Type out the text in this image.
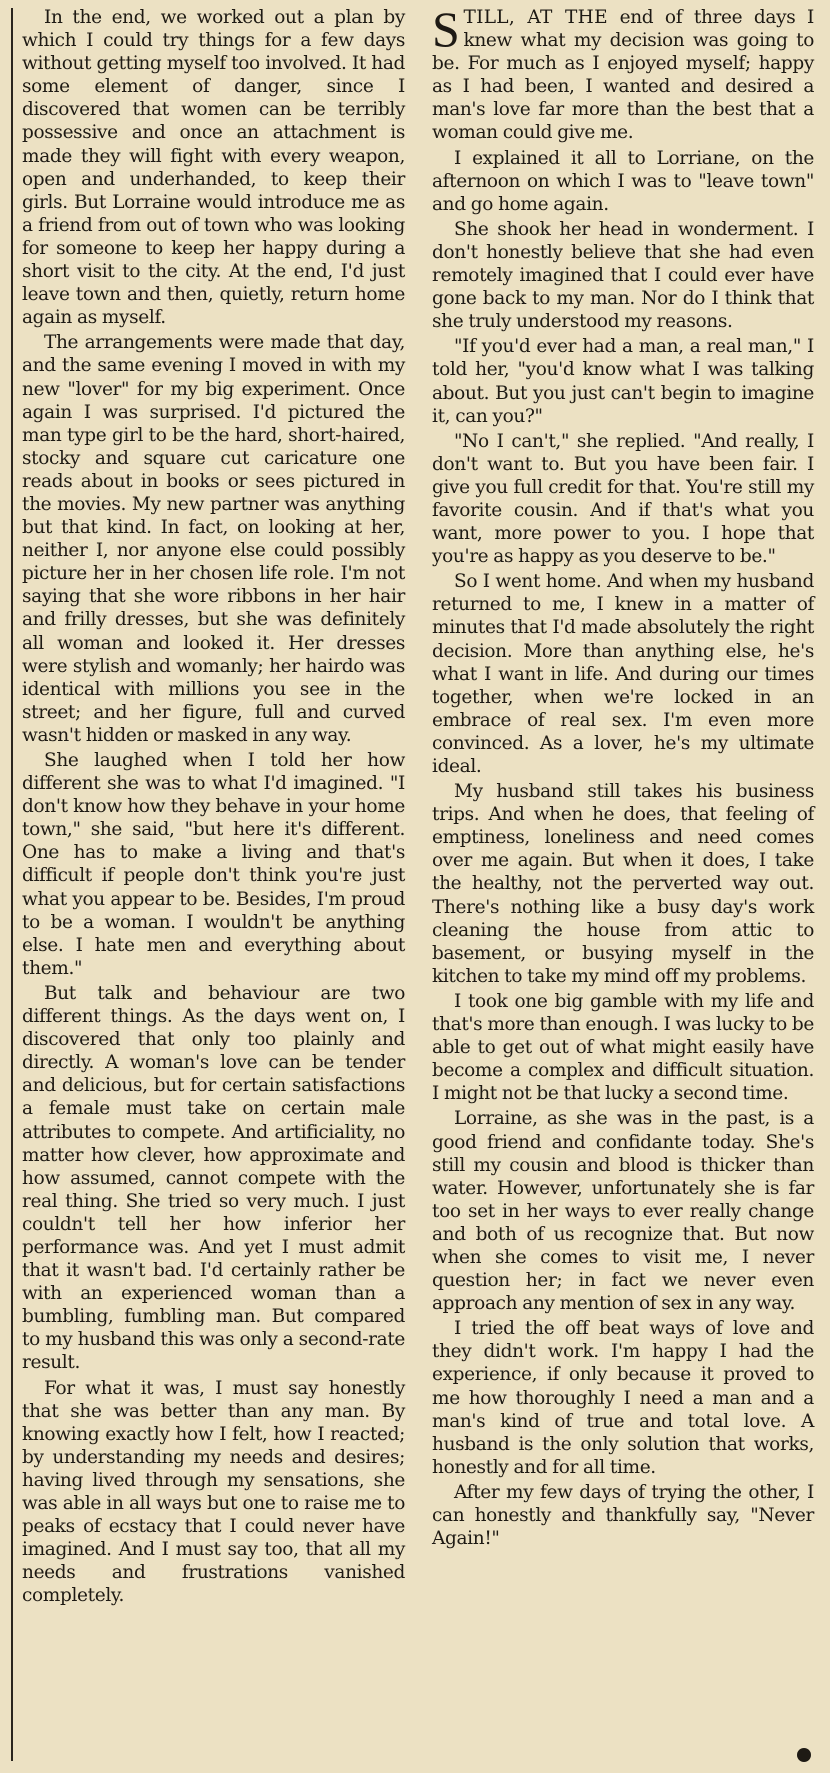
In the end, we worked out a plan by which I could try things for a few days without getting myself too involved. It had some element of danger, since I discovered that women can be terribly possessive and once an attachment is made they will fight with every weapon, open and underhanded, to keep their girls. But Lorraine would introduce me as a friend from out of town who was looking for someone to keep her happy during a short visit to the city. At the end, I'd just leave town and then, quietly, return home again as myself.

The arrangements were made that day, and the same evening I moved in with my new "lover" for my big experiment. Once again I was surprised. I'd pictured the man type girl to be the hard, short-haired, stocky and square cut caricature one reads about in books or sees pictured in the movies. My new partner was anything but that kind. In fact, on looking at her, neither I, nor anyone else could possibly picture her in her chosen life role. I'm not saying that she wore ribbons in her hair and frilly dresses, but she was definitely all woman and looked it. Her dresses were stylish and womanly; her hairdo was identical with millions you see in the street; and her figure, full and curved wasn't hidden or masked in any way.

She laughed when I told her how different she was to what I'd imagined. "I don't know how they behave in your home town," she said, "but here it's different. One has to make a living and that's difficult if people don't think you're just what you appear to be. Besides, I'm proud to be a woman. I wouldn't be anything else. I hate men and everything about them."

But talk and behaviour are two different things. As the days went on, I discovered that only too plainly and directly. A woman's love can be tender and delicious, but for certain satisfactions a female must take on certain male attributes to compete. And artificiality, no matter how clever, how approximate and how assumed, cannot compete with the real thing. She tried so very much. I just couldn't tell her how inferior her performance was. And yet I must admit that it wasn't bad. I'd certainly rather be with an experienced woman than a bumbling, fumbling man. But compared to my husband this was only a second-rate result.

For what it was, I must say honestly that she was better than any man. By knowing exactly how I felt, how I reacted; by understanding my needs and desires; having lived through my sensations, she was able in all ways but one to raise me to peaks of ecstacy that I could never have imagined. And I must say too, that all my needs and frustrations vanished completely.

STILL, AT THE end of three days I knew what my decision was going to be. For much as I enjoyed myself; happy as I had been, I wanted and desired a man's love far more than the best that a woman could give me.

I explained it all to Lorriane, on the afternoon on which I was to "leave town" and go home again.

She shook her head in wonderment. I don't honestly believe that she had even remotely imagined that I could ever have gone back to my man. Nor do I think that she truly understood my reasons.

"If you'd ever had a man, a real man," I told her, "you'd know what I was talking about. But you just can't begin to imagine it, can you?"

"No I can't," she replied. "And really, I don't want to. But you have been fair. I give you full credit for that. You're still my favorite cousin. And if that's what you want, more power to you. I hope that you're as happy as you deserve to be."

So I went home. And when my husband returned to me, I knew in a matter of minutes that I'd made absolutely the right decision. More than anything else, he's what I want in life. And during our times together, when we're locked in an embrace of real sex. I'm even more convinced. As a lover, he's my ultimate ideal.

My husband still takes his business trips. And when he does, that feeling of emptiness, loneliness and need comes over me again. But when it does, I take the healthy, not the perverted way out. There's nothing like a busy day's work cleaning the house from attic to basement, or busying myself in the kitchen to take my mind off my problems.

I took one big gamble with my life and that's more than enough. I was lucky to be able to get out of what might easily have become a complex and difficult situation. I might not be that lucky a second time.

Lorraine, as she was in the past, is a good friend and confidante today. She's still my cousin and blood is thicker than water. However, unfortunately she is far too set in her ways to ever really change and both of us recognize that. But now when she comes to visit me, I never question her; in fact we never even approach any mention of sex in any way.

I tried the off beat ways of love and they didn't work. I'm happy I had the experience, if only because it proved to me how thoroughly I need a man and a man's kind of true and total love. A husband is the only solution that works, honestly and for all time.

After my few days of trying the other, I can honestly and thankfully say, "Never Again!"
